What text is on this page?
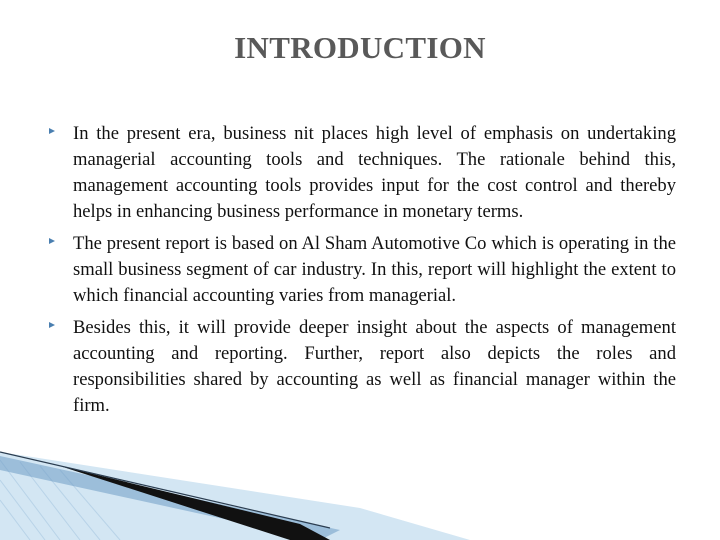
INTRODUCTION
In the present era, business nit places high level of emphasis on undertaking managerial accounting tools and techniques. The rationale behind this, management accounting tools provides input for the cost control and thereby helps in enhancing business performance in monetary terms.
The present report is based on Al Sham Automotive Co which is operating in the small business segment of car industry. In this, report will highlight the extent to which financial accounting varies from managerial.
Besides this, it will provide deeper insight about the aspects of management accounting and reporting. Further, report also depicts the roles and responsibilities shared by accounting as well as financial manager within the firm.
